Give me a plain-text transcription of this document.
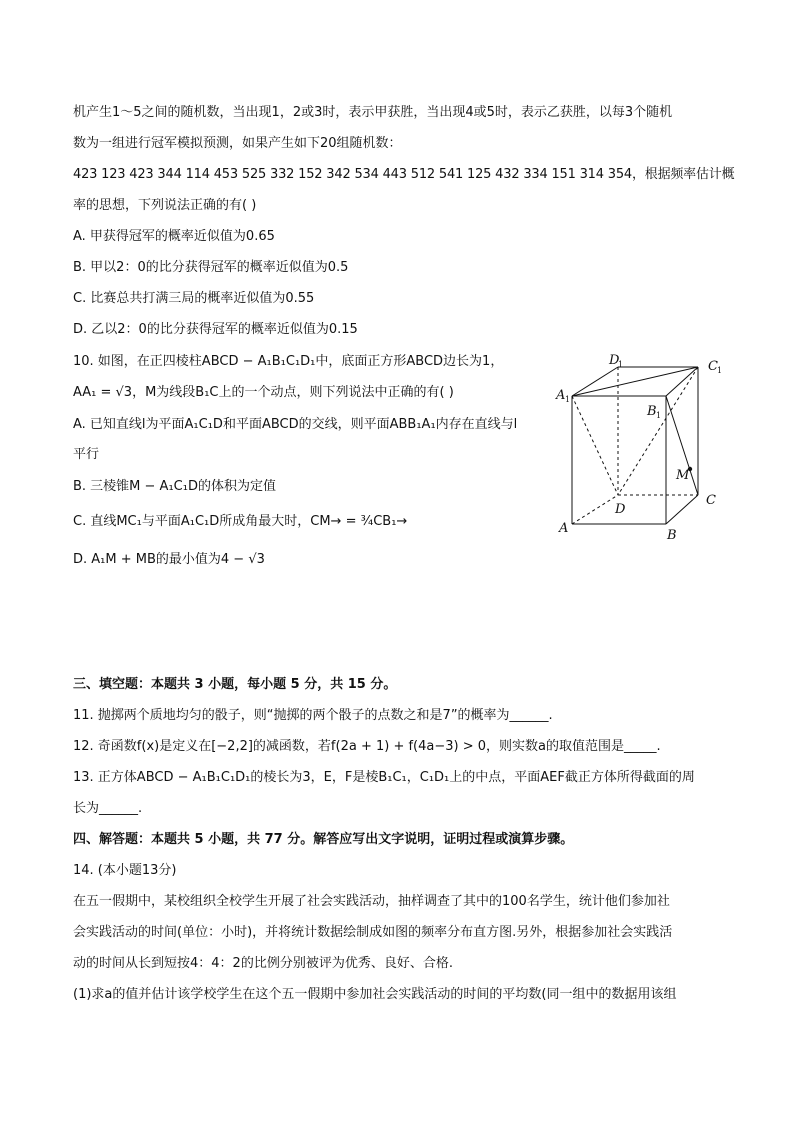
机产生1～5之间的随机数，当出现1，2或3时，表示甲获胜，当出现4或5时，表示乙获胜，以每3个随机
数为一组进行冠军模拟预测，如果产生如下20组随机数：
423 123 423 344 114 453 525 332 152 342 534 443 512 541 125 432 334 151 314 354，根据频率估计概
率的思想，下列说法正确的有( )
A. 甲获得冠军的概率近似值为0.65
B. 甲以2：0的比分获得冠军的概率近似值为0.5
C. 比赛总共打满三局的概率近似值为0.55
D. 乙以2：0的比分获得冠军的概率近似值为0.15
10. 如图，在正四棱柱ABCD − A₁B₁C₁D₁中，底面正方形ABCD边长为1，
AA₁ = √3，M为线段B₁C上的一个动点，则下列说法中正确的有( )
A. 已知直线l为平面A₁C₁D和平面ABCD的交线，则平面ABB₁A₁内存在直线与l
平行
B. 三棱锥M − A₁C₁D的体积为定值
C. 直线MC₁与平面A₁C₁D所成角最大时，CM→ = ¾CB₁→
D. A₁M + MB的最小值为4 − √3
D
1	C 1
A 1
B 1
M
D
C
A	B
三、填空题：本题共 3 小题，每小题 5 分，共 15 分。
11. 抛掷两个质地均匀的骰子，则“抛掷的两个骰子的点数之和是7”的概率为______.
12. 奇函数f(x)是定义在[−2,2]的减函数，若f(2a + 1) + f(4a−3) > 0，则实数a的取值范围是_____.
13. 正方体ABCD − A₁B₁C₁D₁的棱长为3，E，F是棱B₁C₁，C₁D₁上的中点，平面AEF截正方体所得截面的周
长为______.
四、解答题：本题共 5 小题，共 77 分。解答应写出文字说明，证明过程或演算步骤。
14. (本小题13分)
在五一假期中，某校组织全校学生开展了社会实践活动，抽样调查了其中的100名学生，统计他们参加社
会实践活动的时间(单位：小时)，并将统计数据绘制成如图的频率分布直方图.另外，根据参加社会实践活
动的时间从长到短按4：4：2的比例分别被评为优秀、良好、合格.
(1)求a的值并估计该学校学生在这个五一假期中参加社会实践活动的时间的平均数(同一组中的数据用该组
